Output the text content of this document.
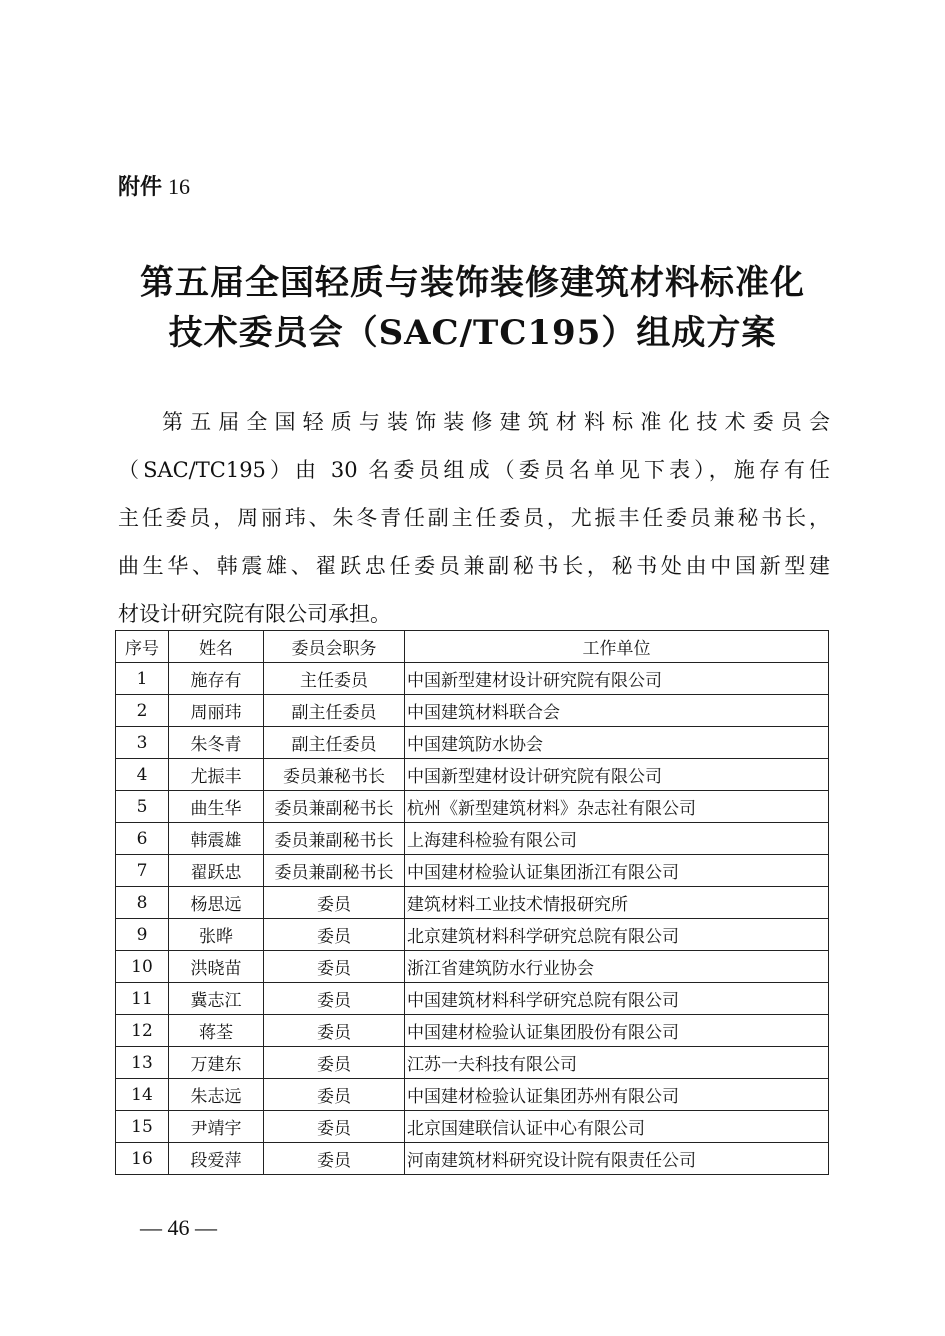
附件 16
第五届全国轻质与装饰装修建筑材料标准化
技术委员会（SAC/TC195）组成方案
第五届全国轻质与装饰装修建筑材料标准化技术委员会
（SAC/TC195）由 30 名委员组成（委员名单见下表），施存有任
主任委员，周丽玮、朱冬青任副主任委员，尤振丰任委员兼秘书长，
曲生华、韩震雄、翟跃忠任委员兼副秘书长，秘书处由中国新型建
材设计研究院有限公司承担。
序号	姓名	委员会职务	工作单位
1	施存有	主任委员	中国新型建材设计研究院有限公司
2	周丽玮	副主任委员	中国建筑材料联合会
3	朱冬青	副主任委员	中国建筑防水协会
4	尤振丰	委员兼秘书长	中国新型建材设计研究院有限公司
5	曲生华	委员兼副秘书长	杭州《新型建筑材料》杂志社有限公司
6	韩震雄	委员兼副秘书长	上海建科检验有限公司
7	翟跃忠	委员兼副秘书长	中国建材检验认证集团浙江有限公司
8	杨思远	委员	建筑材料工业技术情报研究所
9	张晔	委员	北京建筑材料科学研究总院有限公司
10	洪晓苗	委员	浙江省建筑防水行业协会
11	冀志江	委员	中国建筑材料科学研究总院有限公司
12	蒋荃	委员	中国建材检验认证集团股份有限公司
13	万建东	委员	江苏一夫科技有限公司
14	朱志远	委员	中国建材检验认证集团苏州有限公司
15	尹靖宇	委员	北京国建联信认证中心有限公司
16	段爱萍	委员	河南建筑材料研究设计院有限责任公司
— 46 —
